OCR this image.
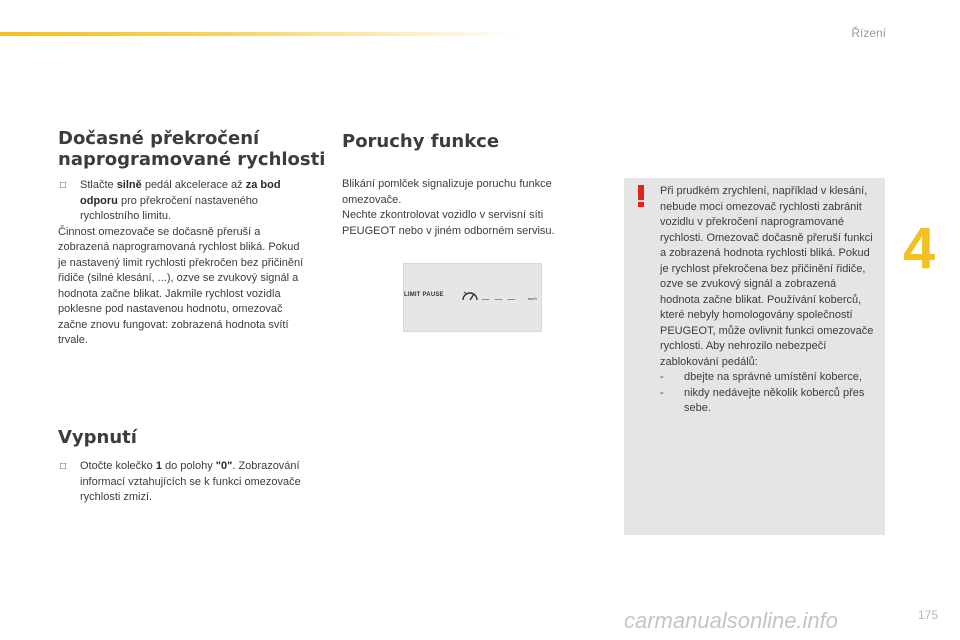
Řízení
4
Dočasné překročení
naprogramované rychlosti
□ Stlačte silně pedál akcelerace až za bod odporu pro překročení nastaveného rychlostního limitu.
Činnost omezovače se dočasně přeruší a zobrazená naprogramovaná rychlost bliká. Pokud je nastavený limit rychlosti překročen bez přičinění řidiče (silné klesání, ...), ozve se zvukový signál a hodnota začne blikat. Jakmile rychlost vozidla poklesne pod nastavenou hodnotu, omezovač začne znovu fungovat: zobrazená hodnota svítí trvale.
Vypnutí
□ Otočte kolečko 1 do polohy "0". Zobrazování informací vztahujících se k funkci omezovače rychlosti zmizí.
Poruchy funkce
Blikání pomlček signalizuje poruchu funkce omezovače.
Nechte zkontrolovat vozidlo v servisní síti PEUGEOT nebo v jiném odborném servisu.
LIMIT PAUSE	_ _ _	km/h
Při prudkém zrychlení, například v klesání, nebude moci omezovač rychlosti zabránit vozidlu v překročení naprogramované rychlosti. Omezovač dočasně přeruší funkci a zobrazená hodnota rychlosti bliká. Pokud je rychlost překročena bez přičinění řidiče, ozve se zvukový signál a zobrazená hodnota začne blikat. Používání koberců, které nebyly homologovány společností PEUGEOT, může ovlivnit funkci omezovače rychlosti. Aby nehrozilo nebezpečí zablokování pedálů:
- dbejte na správné umístění koberce,
- nikdy nedávejte několik koberců přes sebe.
175
carmanualsonline.info
